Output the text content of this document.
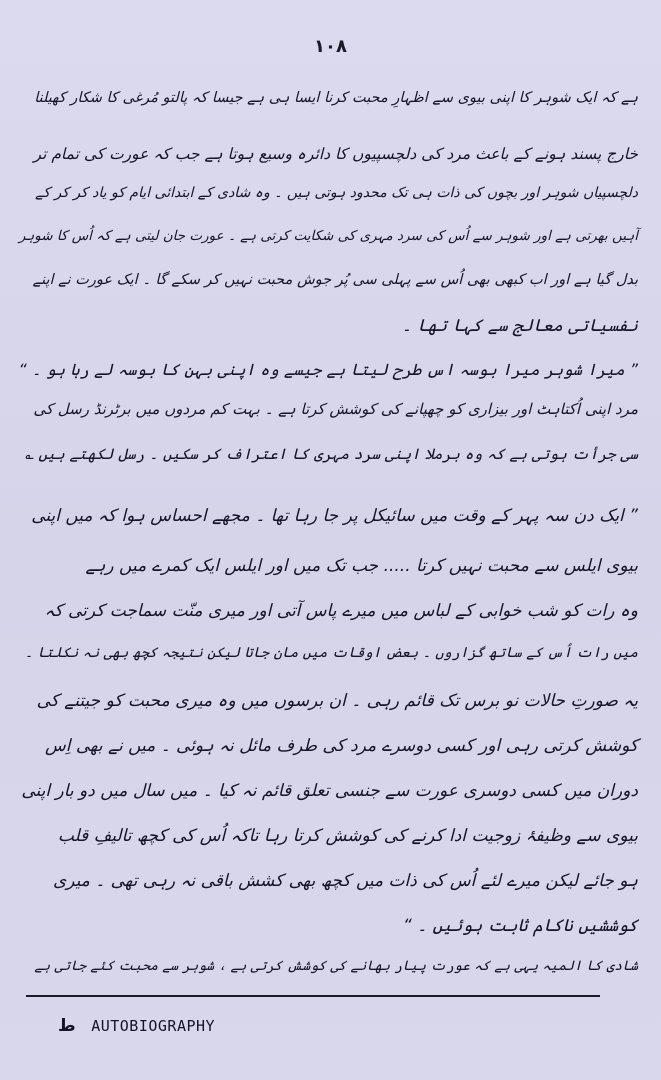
۱۰۸
ہے کہ ایک شوہر کا اپنی بیوی سے اظہارِ محبت کرنا ایسا ہی ہے جیسا کہ پالتو مُرغی کا شکار کھیلنا
خارج پسند ہونے کے باعث مرد کی دلچسپیوں کا دائرہ وسیع ہوتا ہے جب کہ عورت کی تمام تر
دلچسپیاں شوہر اور بچوں کی ذات ہی تک محدود ہوتی ہیں ۔ وہ شادی کے ابتدائی ایام کو یاد کر کر کے
آہیں بھرتی ہے اور شوہر سے اُس کی سرد مہری کی شکایت کرتی ہے ۔ عورت جان لیتی ہے کہ اُس کا شوہر
بدل گیا ہے اور اب کبھی بھی اُس سے پہلی سی پُر جوش محبت نہیں کر سکے گا ۔ ایک عورت نے اپنے
نفسیاتی معالج سے کہا تھا ۔
” میرا شوہر میرا بوسہ اس طرح لیتا ہے جیسے وہ اپنی بہن کا بوسہ لے رہا ہو ۔ “
مرد اپنی اُکتاہٹ اور بیزاری کو چھپانے کی کوشش کرتا ہے ۔ بہت کم مردوں میں برٹرنڈ رسل کی
سی جرأت ہوتی ہے کہ وہ برملا اپنی سرد مہری کا اعتراف کر سکیں ۔ رسل لکھتے ہیں ؎
” ایک دن سہ پہر کے وقت میں سائیکل پر جا رہا تھا ۔ مجھے احساس ہوا کہ میں اپنی
بیوی ایلس سے محبت نہیں کرتا ..... جب تک میں اور ایلس ایک کمرے میں رہے
وہ رات کو شب خوابی کے لباس میں میرے پاس آتی اور میری منّت سماجت کرتی کہ
میں رات اُس کے ساتھ گزاروں ۔ بعض اوقات میں مان جاتا لیکن نتیجہ کچھ بھی نہ نکلتا ۔
یہ صورتِ حالات نو برس تک قائم رہی ۔ ان برسوں میں وہ میری محبت کو جیتنے کی
کوشش کرتی رہی اور کسی دوسرے مرد کی طرف مائل نہ ہوئی ۔ میں نے بھی اِس
دوران میں کسی دوسری عورت سے جنسی تعلق قائم نہ کیا ۔ میں سال میں دو بار اپنی
بیوی سے وظیفۂ زوجیت ادا کرنے کی کوشش کرتا رہا تاکہ اُس کی کچھ تالیفِ قلب
ہو جائے لیکن میرے لئے اُس کی ذات میں کچھ بھی کشش باقی نہ رہی تھی ۔ میری
کوششیں ناکام ثابت ہوئیں ۔ “
شادی کا المیہ یہی ہے کہ عورت پیار بھانے کی کوشش کرتی ہے ، شوہر سے محبت کئے جاتی ہے
ط AUTOBIOGRAPHY
